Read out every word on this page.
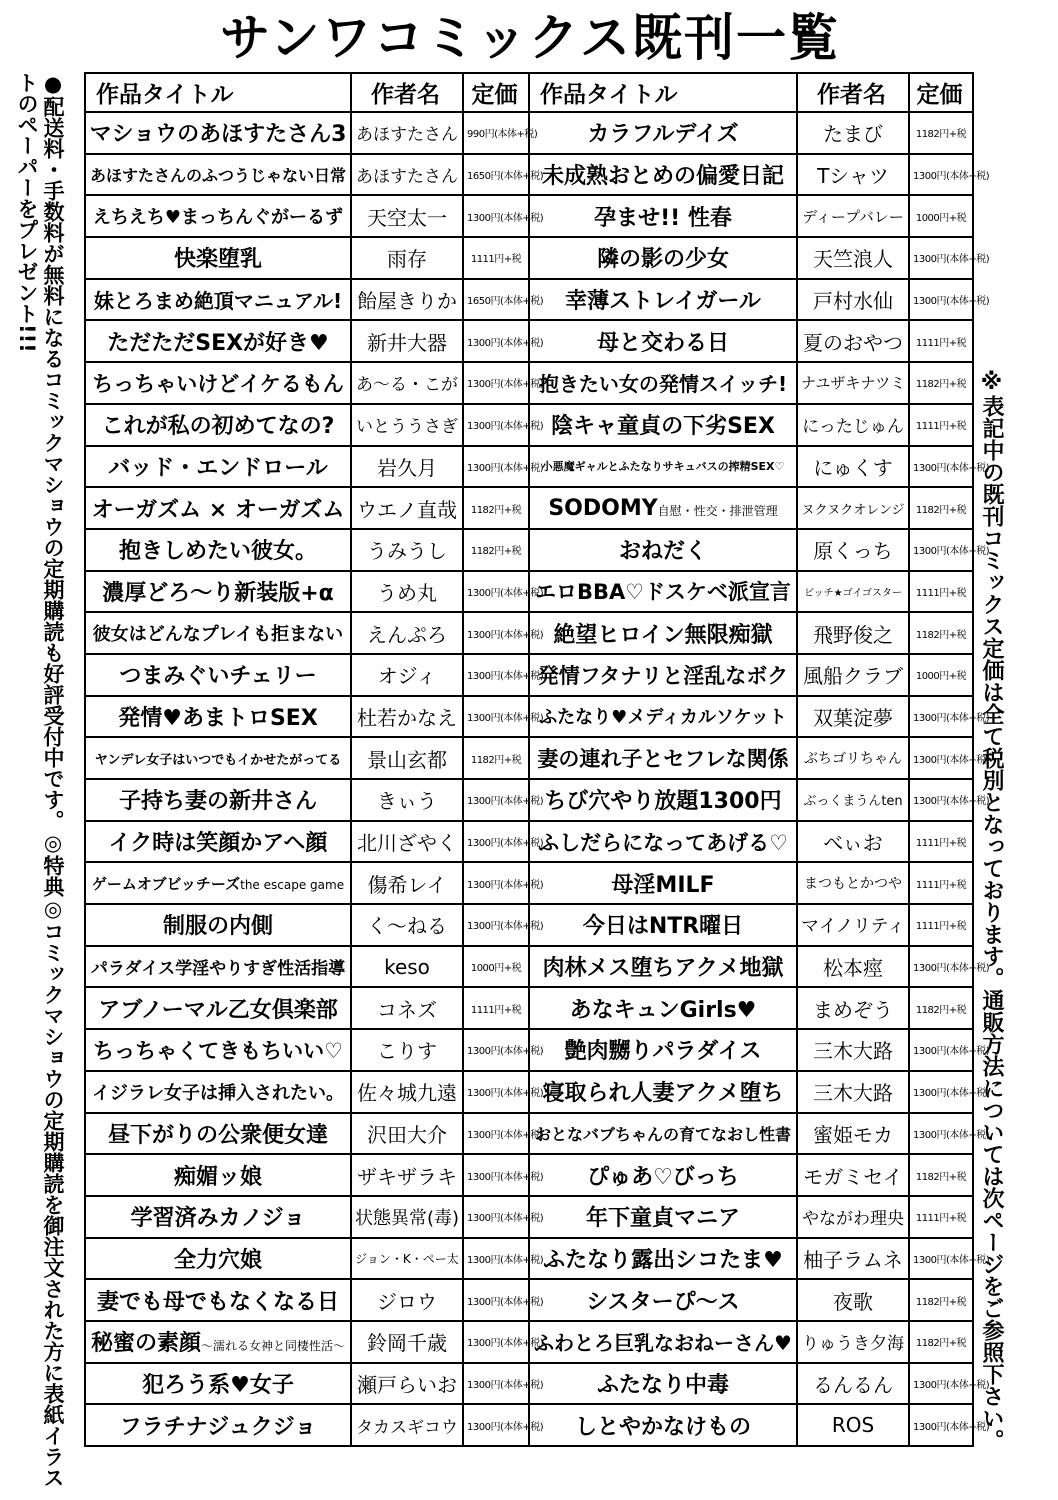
サンワコミックス既刊一覧
●配送料・手数料が無料になるコミックマショウの定期購読も好評受付中です。◎特典◎コミックマショウの定期購読を御注文された方に表紙イラストのペーパーをプレゼント!!!
※表記中の既刊コミックス定価は全て税別となっております。通販方法については次ページをご参照下さい。
作品タイトル	作者名	定価	作品タイトル	作者名	定価
マショウのあほすたさん3	あほすたさん	990円(本体+税)	カラフルデイズ	たまび	1182円+税
あほすたさんのふつうじゃない日常	あほすたさん	1650円(本体+税)	未成熟おとめの偏愛日記	Tシャツ	1300円(本体+税)
えちえち♥まっちんぐがーるず	天空太一	1300円(本体+税)	孕ませ!! 性春	ディープバレー	1000円+税
快楽堕乳	雨存	1111円+税	隣の影の少女	天竺浪人	1300円(本体+税)
妹とろまめ絶頂マニュアル!	飴屋きりか	1650円(本体+税)	幸薄ストレイガール	戸村水仙	1300円(本体+税)
ただただSEXが好き♥	新井大器	1300円(本体+税)	母と交わる日	夏のおやつ	1111円+税
ちっちゃいけどイケるもん	あ〜る・こが	1300円(本体+税)	抱きたい女の発情スイッチ!	ナユザキナツミ	1182円+税
これが私の初めてなの?	いとううさぎ	1300円(本体+税)	陰キャ童貞の下劣SEX	にったじゅん	1111円+税
バッド・エンドロール	岩久月	1300円(本体+税)	小悪魔ギャルとふたなりサキュバスの搾精SEX♡	にゅくす	1300円(本体+税)
オーガズム × オーガズム	ウエノ直哉	1182円+税	SODOMY自慰・性交・排泄管理	ヌクヌクオレンジ	1182円+税
抱きしめたい彼女。	うみうし	1182円+税	おねだく	原くっち	1300円(本体+税)
濃厚どろ〜り新装版+α	うめ丸	1300円(本体+税)	エロBBA♡ドスケベ派宣言	ビッチ★ゴイゴスター	1111円+税
彼女はどんなプレイも拒まない	えんぷろ	1300円(本体+税)	絶望ヒロイン無限痴獄	飛野俊之	1182円+税
つまみぐいチェリー	オジィ	1300円(本体+税)	発情フタナリと淫乱なボク	風船クラブ	1000円+税
発情♥あまトロSEX	杜若かなえ	1300円(本体+税)	ふたなり♥メディカルソケット	双葉淀夢	1300円(本体+税)
ヤンデレ女子はいつでもイかせたがってる	景山玄都	1182円+税	妻の連れ子とセフレな関係	ぶちゴリちゃん	1300円(本体+税)
子持ち妻の新井さん	きぃう	1300円(本体+税)	ちび穴やり放題1300円	ぶっくまうんten	1300円(本体+税)
イク時は笑顔かアヘ顔	北川ざやく	1300円(本体+税)	ふしだらになってあげる♡	べぃお	1111円+税
ゲームオブビッチーズthe escape game	傷希レイ	1300円(本体+税)	母淫MILF	まつもとかつや	1111円+税
制服の内側	く〜ねる	1300円(本体+税)	今日はNTR曜日	マイノリティ	1111円+税
パラダイス学淫やりすぎ性活指導	keso	1000円+税	肉林メス堕ちアクメ地獄	松本痙	1300円(本体+税)
アブノーマル乙女倶楽部	コネズ	1111円+税	あなキュンGirls♥	まめぞう	1182円+税
ちっちゃくてきもちいい♡	こりす	1300円(本体+税)	艶肉嬲りパラダイス	三木大路	1300円(本体+税)
イジラレ女子は挿入されたい。	佐々城九遠	1300円(本体+税)	寝取られ人妻アクメ堕ち	三木大路	1300円(本体+税)
昼下がりの公衆便女達	沢田大介	1300円(本体+税)	おとなバブちゃんの育てなおし性書	蜜姫モカ	1300円(本体+税)
痴媚ッ娘	ザキザラキ	1300円(本体+税)	ぴゅあ♡びっち	モガミセイ	1182円+税
学習済みカノジョ	状態異常(毒)	1300円(本体+税)	年下童貞マニア	やながわ理央	1111円+税
全力穴娘	ジョン・K・ペー太	1300円(本体+税)	ふたなり露出シコたま♥	柚子ラムネ	1300円(本体+税)
妻でも母でもなくなる日	ジロウ	1300円(本体+税)	シスターぴ〜ス	夜歌	1182円+税
秘蜜の素顔〜濡れる女神と同棲性活〜	鈴岡千歳	1300円(本体+税)	ふわとろ巨乳なおねーさん♥	りゅうき夕海	1182円+税
犯ろう系♥女子	瀬戸らいお	1300円(本体+税)	ふたなり中毒	るんるん	1300円(本体+税)
フラチナジュクジョ	タカスギコウ	1300円(本体+税)	しとやかなけもの	ROS	1300円(本体+税)
